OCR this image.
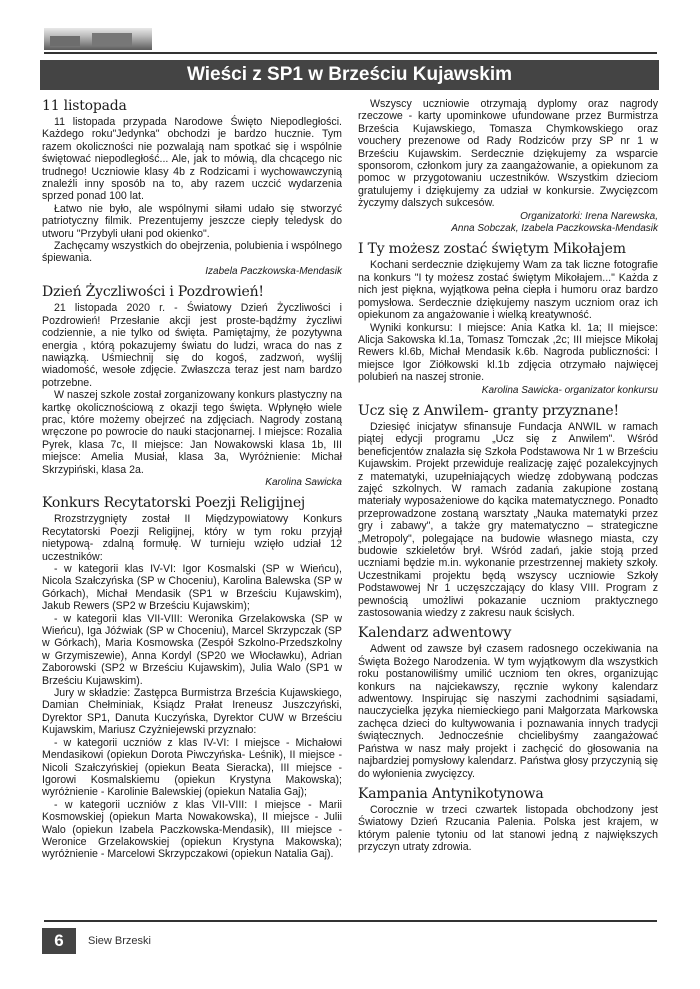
Wieści z SP1 w Brześciu Kujawskim
11 listopada

11 listopada przypada Narodowe Święto Niepodległości. Każdego roku"Jedynka" obchodzi je bardzo hucznie. Tym razem okoliczności nie pozwalają nam spotkać się i wspólnie świętować niepodległość... Ale, jak to mówią, dla chcącego nic trudnego! Uczniowie klasy 4b z Rodzicami i wychowawczynią znaleźli inny sposób na to, aby razem uczcić wydarzenia sprzed ponad 100 lat.

Łatwo nie było, ale wspólnymi siłami udało się stworzyć patriotyczny filmik. Prezentujemy jeszcze ciepły teledysk do utworu "Przybyli ułani pod okienko".

Zachęcamy wszystkich do obejrzenia, polubienia i wspólnego śpiewania.

Izabela Paczkowska-Mendasik

Dzień Życzliwości i Pozdrowień!

21 listopada 2020 r. - Światowy Dzień Życzliwości i Pozdrowień! Przesłanie akcji jest proste-bądźmy życzliwi codziennie, a nie tylko od święta. Pamiętajmy, że pozytywna energia , którą pokazujemy światu do ludzi, wraca do nas z nawiązką. Uśmiechnij się do kogoś, zadzwoń, wyślij wiadomość, wesołe zdjęcie. Zwłaszcza teraz jest nam bardzo potrzebne.

W naszej szkole został zorganizowany konkurs plastyczny na kartkę okolicznościową z okazji tego święta. Wpłynęło wiele prac, które możemy obejrzeć na zdjęciach. Nagrody zostaną wręczone po powrocie do nauki stacjonarnej. I miejsce: Rozalia Pyrek, klasa 7c, II miejsce: Jan Nowakowski klasa 1b, III miejsce: Amelia Musiał, klasa 3a, Wyróżnienie: Michał Skrzypiński, klasa 2a.

Karolina Sawicka

Konkurs Recytatorski Poezji Religijnej

Rrozstrzygnięty został II Międzypowiatowy Konkurs Recytatorski Poezji Religijnej, który w tym roku przyjął nietypową- zdalną formułę. W turnieju wzięło udział 12 uczestników:

- w kategorii klas IV-VI: Igor Kosmalski (SP w Wieńcu), Nicola Szałczyńska (SP w Choceniu), Karolina Balewska (SP w Górkach), Michał Mendasik (SP1 w Brześciu Kujawskim), Jakub Rewers (SP2 w Brześciu Kujawskim);

- w kategorii klas VII-VIII: Weronika Grzelakowska (SP w Wieńcu), Iga Jóźwiak (SP w Choceniu), Marcel Skrzypczak (SP w Górkach), Maria Kosmowska (Zespół Szkolno-Przedszkolny w Grzymiszewie), Anna Kordyl (SP20 we Włocławku), Adrian Zaborowski (SP2 w Brześciu Kujawskim), Julia Walo (SP1 w Brześciu Kujawskim).

Jury w składzie: Zastępca Burmistrza Brześcia Kujawskiego, Damian Chełminiak, Ksiądz Prałat Ireneusz Juszczyński, Dyrektor SP1, Danuta Kuczyńska, Dyrektor CUW w Brześciu Kujawskim, Mariusz Czyżniejewski przyznało:

- w kategorii uczniów z klas IV-VI: I miejsce - Michałowi Mendasikowi (opiekun Dorota Piwczyńska- Leśnik), II miejsce - Nicoli Szałczyńskiej (opiekun Beata Sieracka), III miejsce - Igorowi Kosmalskiemu (opiekun Krystyna Makowska); wyróżnienie - Karolinie Balewskiej (opiekun Natalia Gaj);

- w kategorii uczniów z klas VII-VIII: I miejsce - Marii Kosmowskiej (opiekun Marta Nowakowska), II miejsce - Julii Walo (opiekun Izabela Paczkowska-Mendasik), III miejsce - Weronice Grzelakowskiej (opiekun Krystyna Makowska); wyróżnienie - Marcelowi Skrzypczakowi (opiekun Natalia Gaj).

Wszyscy uczniowie otrzymają dyplomy oraz nagrody rzeczowe - karty upominkowe ufundowane przez Burmistrza Brześcia Kujawskiego, Tomasza Chymkowskiego oraz vouchery prezenowe od Rady Rodziców przy SP nr 1 w Brześciu Kujawskim. Serdecznie dziękujemy za wsparcie sponsorom, członkom jury za zaangażowanie, a opiekunom za pomoc w przygotowaniu uczestników. Wszystkim dzieciom gratulujemy i dziękujemy za udział w konkursie. Zwycięzcom życzymy dalszych sukcesów.

Organizatorki: Irena Narewska,

Anna Sobczak, Izabela Paczkowska-Mendasik

I Ty możesz zostać świętym Mikołajem

Kochani serdecznie dziękujemy Wam za tak liczne fotografie na konkurs "I ty możesz zostać świętym Mikołajem..." Każda z nich jest piękna, wyjątkowa pełna ciepła i humoru oraz bardzo pomysłowa. Serdecznie dziękujemy naszym uczniom oraz ich opiekunom za angażowanie i wielką kreatywność.

Wyniki konkursu: I miejsce: Ania Katka kl. 1a; II miejsce: Alicja Sakowska kl.1a, Tomasz Tomczak ,2c; III miejsce Mikołaj Rewers kl.6b, Michał Mendasik k.6b. Nagroda publiczności: I miejsce Igor Ziółkowski kl.1b zdjęcia otrzymało najwięcej polubień na naszej stronie.

Karolina Sawicka- organizator konkursu

Ucz się z Anwilem- granty przyznane!

Dziesięć inicjatyw sfinansuje Fundacja ANWIL w ramach piątej edycji programu „Ucz się z Anwilem". Wśród beneficjentów znalazła się Szkoła Podstawowa Nr 1 w Brześciu Kujawskim. Projekt przewiduje realizację zajęć pozalekcyjnych z matematyki, uzupełniających wiedzę zdobywaną podczas zajęć szkolnych. W ramach zadania zakupione zostaną materiały wyposażeniowe do kącika matematycznego. Ponadto przeprowadzone zostaną warsztaty „Nauka matematyki przez gry i zabawy", a także gry matematyczno – strategiczne „Metropoly", polegające na budowie własnego miasta, czy budowie szkieletów brył. Wśród zadań, jakie stoją przed uczniami będzie m.in. wykonanie przestrzennej makiety szkoły. Uczestnikami projektu będą wszyscy uczniowie Szkoły Podstawowej Nr 1 uczęszczający do klasy VIII. Program z pewnością umożliwi pokazanie uczniom praktycznego zastosowania wiedzy z zakresu nauk ścisłych.

Kalendarz adwentowy

Adwent od zawsze był czasem radosnego oczekiwania na Święta Bożego Narodzenia. W tym wyjątkowym dla wszystkich roku postanowiliśmy umilić uczniom ten okres, organizując konkurs na najciekawszy, ręcznie wykony kalendarz adwentowy. Inspirując się naszymi zachodnimi sąsiadami, nauczycielka języka niemieckiego pani Małgorzata Markowska zachęca dzieci do kultywowania i poznawania innych tradycji świątecznych. Jednocześnie chcielibyśmy zaangażować Państwa w nasz mały projekt i zachęcić do głosowania na najbardziej pomysłowy kalendarz. Państwa głosy przyczynią się do wyłonienia zwycięzcy.

Kampania Antynikotynowa

Corocznie w trzeci czwartek listopada obchodzony jest Światowy Dzień Rzucania Palenia. Polska jest krajem, w którym palenie tytoniu od lat stanowi jedną z największych przyczyn utraty zdrowia.

6	Siew Brzeski
